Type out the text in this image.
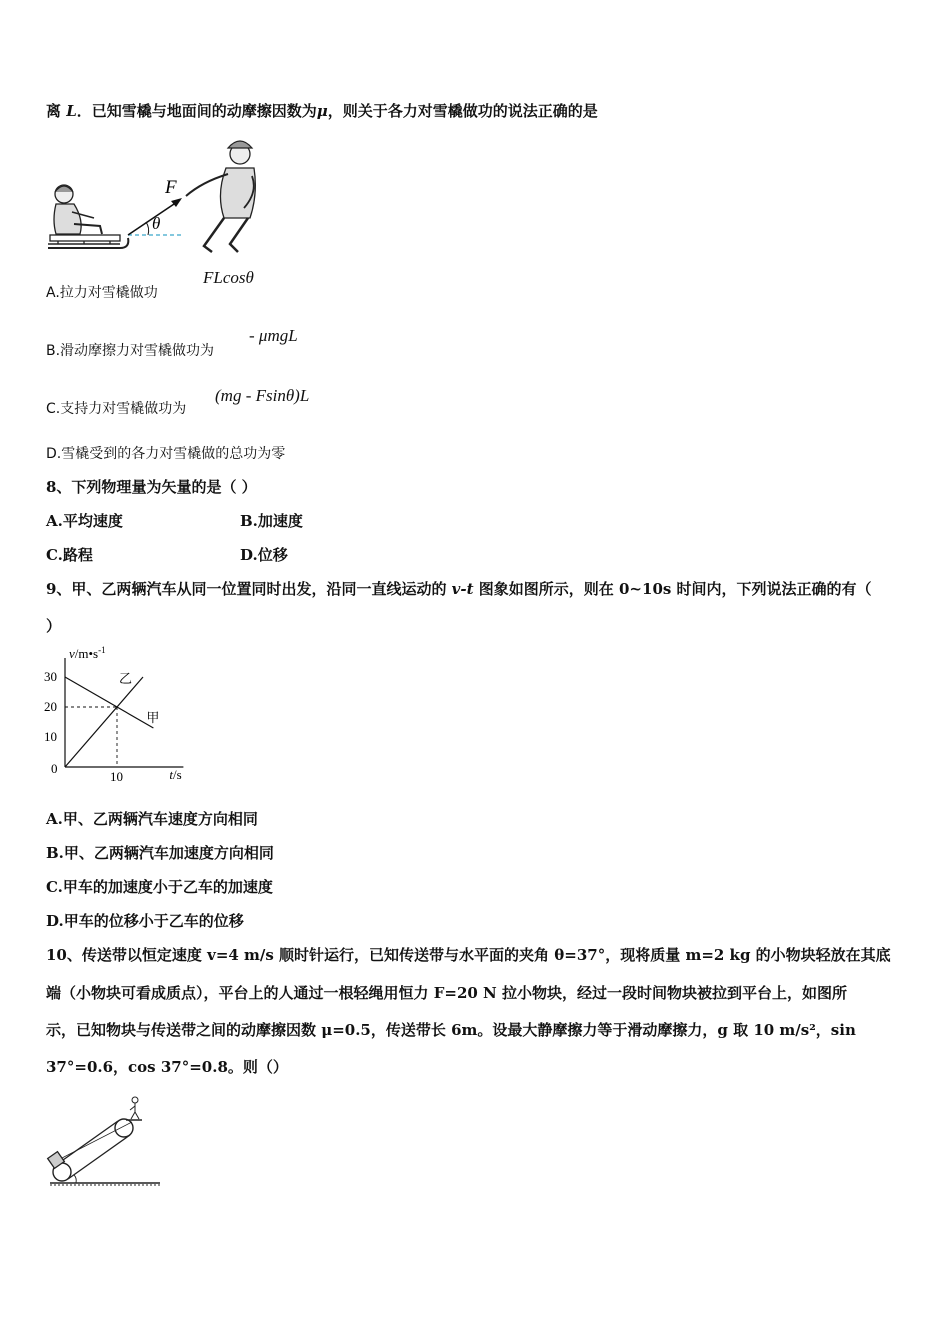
离 L．已知雪橇与地面间的动摩擦因数为μ，则关于各力对雪橇做功的说法正确的是
F
θ
A.拉力对雪橇做功
FLcosθ
B.滑动摩擦力对雪橇做功为
- μmgL
C.支持力对雪橇做功为
(mg - Fsinθ)L
D.雪橇受到的各力对雪橇做的总功为零
8、下列物理量为矢量的是（ ）
A.平均速度	B.加速度
C.路程	D.位移
9、甲、乙两辆汽车从同一位置同时出发，沿同一直线运动的 v-t 图象如图所示，则在 0~10s 时间内，下列说法正确的有（
）
10
20
30
10
0
甲
乙
$v/m•s^{-1}$
t/s
A.甲、乙两辆汽车速度方向相同
B.甲、乙两辆汽车加速度方向相同
C.甲车的加速度小于乙车的加速度
D.甲车的位移小于乙车的位移
10、传送带以恒定速度 v=4 m/s 顺时针运行，已知传送带与水平面的夹角 θ=37°，现将质量 m=2 kg 的小物块轻放在其底
端（小物块可看成质点），平台上的人通过一根轻绳用恒力 F=20 N 拉小物块，经过一段时间物块被拉到平台上，如图所
示，已知物块与传送带之间的动摩擦因数 μ=0.5，传送带长 6m。设最大静摩擦力等于滑动摩擦力，g 取 10 m/s²，sin
37°=0.6，cos 37°=0.8。则（）
